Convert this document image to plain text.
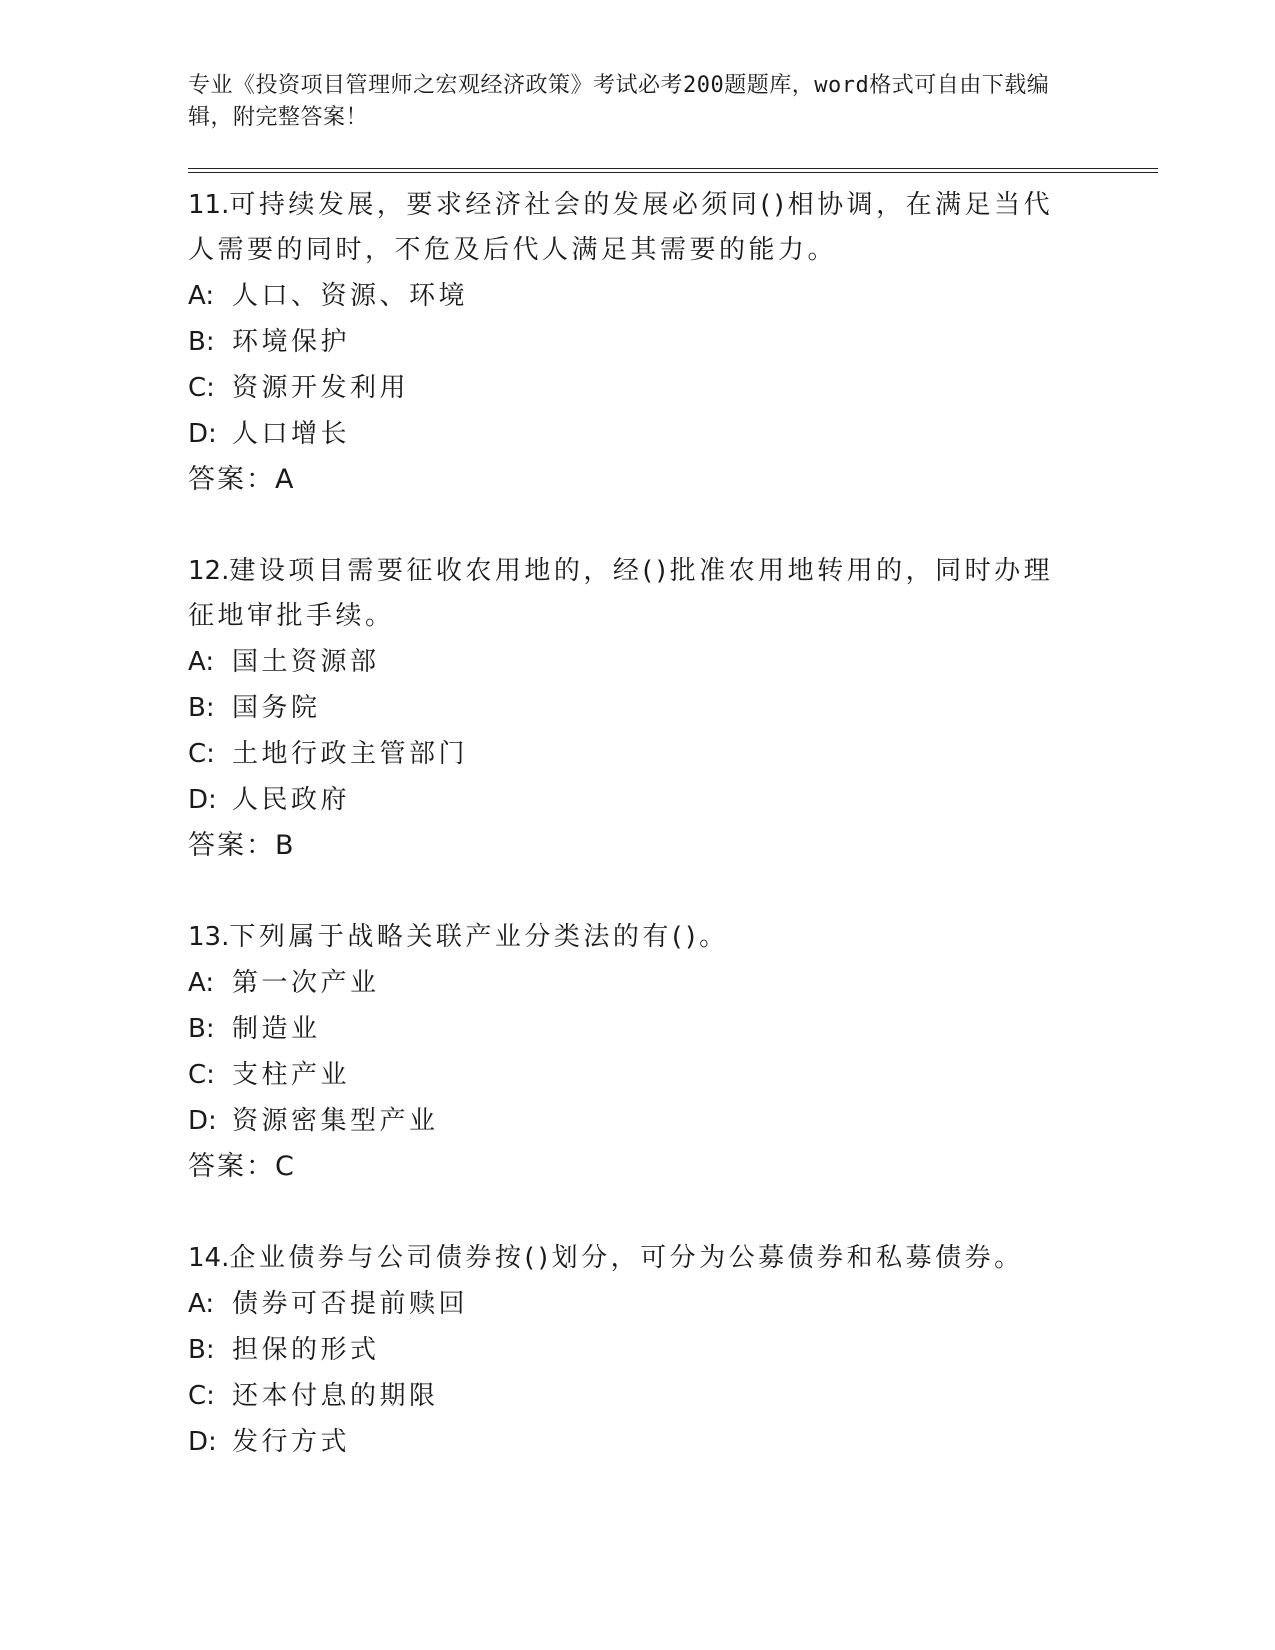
专业《投资项目管理师之宏观经济政策》考试必考200题题库，word格式可自由下载编辑，附完整答案！

11.可持续发展，要求经济社会的发展必须同()相协调，在满足当代人需要的同时，不危及后代人满足其需要的能力。

A: 人口、资源、环境
B: 环境保护
C: 资源开发利用
D: 人口增长
答案：A

12.建设项目需要征收农用地的，经()批准农用地转用的，同时办理征地审批手续。

A: 国土资源部
B: 国务院
C: 土地行政主管部门
D: 人民政府
答案：B

13.下列属于战略关联产业分类法的有()。

A: 第一次产业
B: 制造业
C: 支柱产业
D: 资源密集型产业
答案：C

14.企业债券与公司债券按()划分，可分为公募债券和私募债券。

A: 债券可否提前赎回
B: 担保的形式
C: 还本付息的期限
D: 发行方式
